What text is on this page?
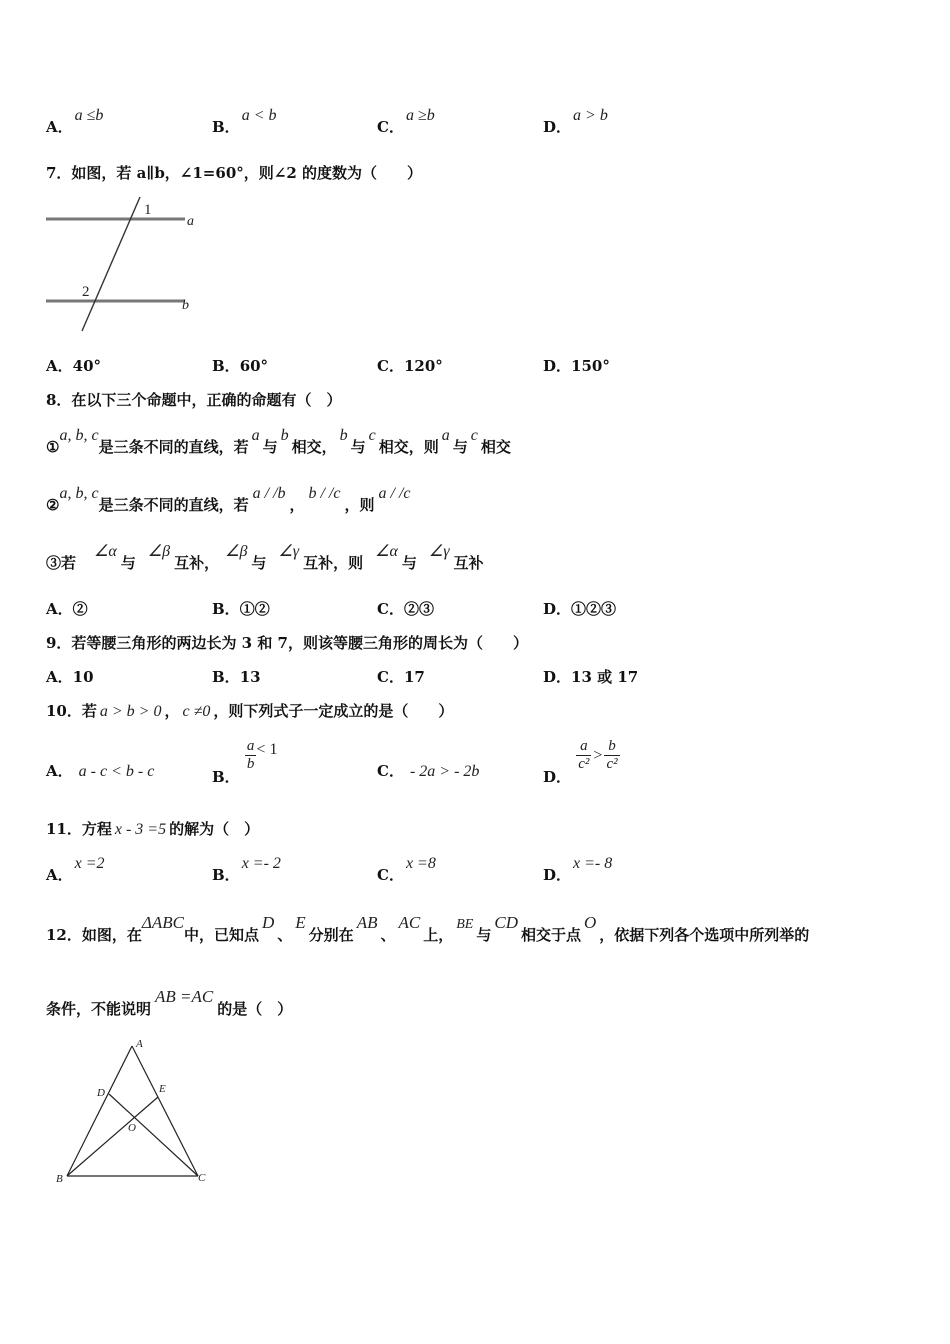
A．a ≤b
B．a < b
C．a ≥b
D．a > b
7．如图，若 a∥b，∠1=60°，则∠2 的度数为（　　）
1
2
a
b
A．40°	B．60°	C．120°	D．150°
8．在以下三个命题中，正确的命题有（　）
①a, b, c是三条不同的直线，若a与b相交，b与c相交，则a与c相交
②a, b, c是三条不同的直线，若a / /b，b / /c，则a / /c
③若∠α与∠β互补，∠β与∠γ互补，则∠α与∠γ互补
A．②	B．①②	C．②③	D．①②③
9．若等腰三角形的两边长为 3 和 7，则该等腰三角形的周长为（　　）
A．10	B．13	C．17	D．13 或 17
10．若 a > b > 0 ， c ≠0 ，则下列式子一定成立的是（　　）
A． a - c < b - c	B．
$\frac{a}{b} < 1$
C． - 2a > - 2b	D．
$\frac{a}{\text{c²}} > \frac{b}{\text{c²}}$
11．方程 x - 3 =5 的解为（　）
A．x =2
B．x =- 2
C．x =8
D．x =- 8
12．如图，在ΔABC中，已知点D、E分别在AB、AC上，BE与CD相交于点O，依据下列各个选项中所列举的
条件，不能说明AB =AC的是（　）
A
B	C
D	E
O
